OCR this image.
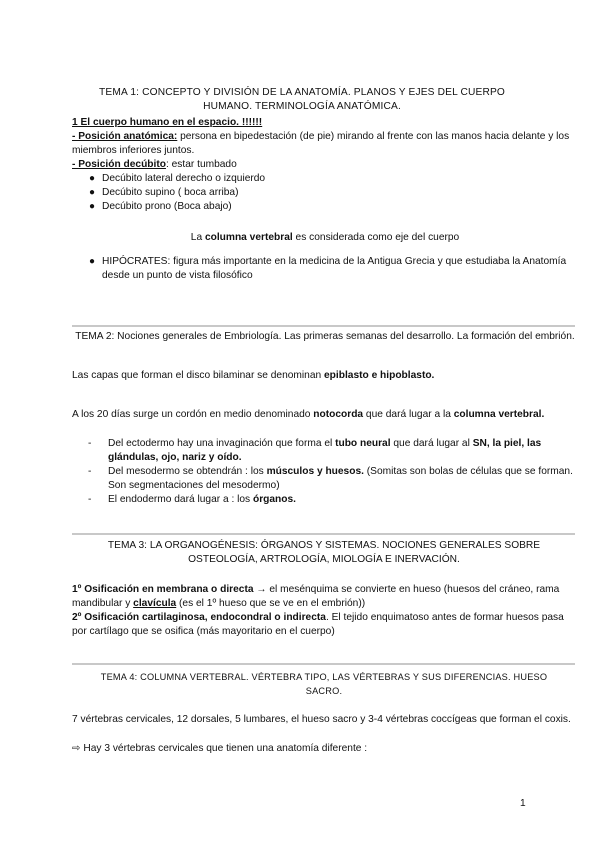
TEMA 1: CONCEPTO Y DIVISIÓN DE LA ANATOMÍA. PLANOS Y EJES DEL CUERPO HUMANO. TERMINOLOGÍA ANATÓMICA.
1 El cuerpo humano en el espacio. !!!!!!
- Posición anatómica: persona en bipedestación (de pie) mirando al frente con las manos hacia delante y los miembros inferiores juntos.
- Posición decúbito: estar tumbado
● Decúbito lateral derecho o izquierdo
● Decúbito supino ( boca arriba)
● Decúbito prono (Boca abajo)
La columna vertebral es considerada como eje del cuerpo
● HIPÓCRATES: figura más importante en la medicina de la Antigua Grecia y que estudiaba la Anatomía desde un punto de vista filosófico
TEMA 2: Nociones generales de Embriología. Las primeras semanas del desarrollo. La formación del embrión.
Las capas que forman el disco bilaminar se denominan epiblasto e hipoblasto.
A los 20 días surge un cordón en medio denominado notocorda que dará lugar a la columna vertebral.
- Del ectodermo hay una invaginación que forma el tubo neural que dará lugar al SN, la piel, las glándulas, ojo, nariz y oído.
- Del mesodermo se obtendrán : los músculos y huesos. (Somitas son bolas de células que se forman. Son segmentaciones del mesodermo)
- El endodermo dará lugar a : los órganos.
TEMA 3: LA ORGANOGÉNESIS: ÓRGANOS Y SISTEMAS. NOCIONES GENERALES SOBRE OSTEOLOGÍA, ARTROLOGÍA, MIOLOGÍA E INERVACIÓN.
1º Osificación en membrana o directa → el mesénquima se convierte en hueso (huesos del cráneo, rama mandibular y clavícula (es el 1º hueso que se ve en el embrión))
2º Osificación cartilaginosa, endocondral o indirecta. El tejido enquimatoso antes de formar huesos pasa por cartílago que se osifica (más mayoritario en el cuerpo)
TEMA 4: COLUMNA VERTEBRAL. VÉRTEBRA TIPO, LAS VÉRTEBRAS Y SUS DIFERENCIAS. HUESO SACRO.
7 vértebras cervicales, 12 dorsales, 5 lumbares, el hueso sacro y 3-4 vértebras coccígeas que forman el coxis.
⇨ Hay 3 vértebras cervicales que tienen una anatomía diferente :
1
